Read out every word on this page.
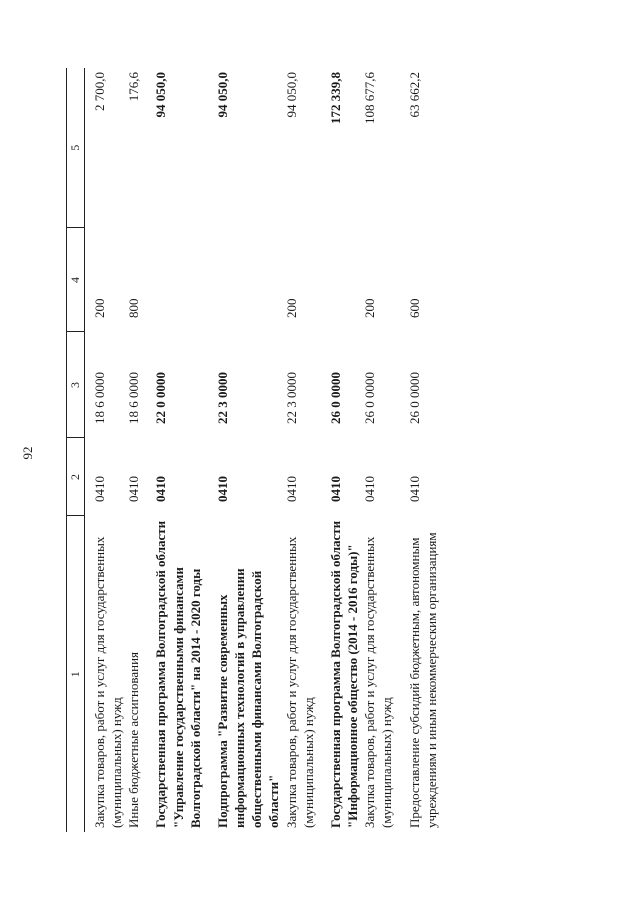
92
1	2	3	4	5
Закупка товаров, работ и услуг для государственных (муниципальных) нужд	0410	18 6 0000	200	2 700,0
Иные бюджетные ассигнования	0410	18 6 0000	800	176,6
Государственная программа Волгоградской области "Управление государственными финансами Волгоградской области" на 2014 - 2020 годы	0410	22 0 0000		94 050,0
Подпрограмма "Развитие современных информационных технологий в управлении общественными финансами Волгоградской области"	0410	22 3 0000		94 050,0
Закупка товаров, работ и услуг для государственных (муниципальных) нужд	0410	22 3 0000	200	94 050,0
Государственная программа Волгоградской области "Информационное общество (2014 - 2016 годы)"	0410	26 0 0000		172 339,8
Закупка товаров, работ и услуг для государственных (муниципальных) нужд	0410	26 0 0000	200	108 677,6
Предоставление субсидий бюджетным, автономным учреждениям и иным некоммерческим организациям	0410	26 0 0000	600	63 662,2
